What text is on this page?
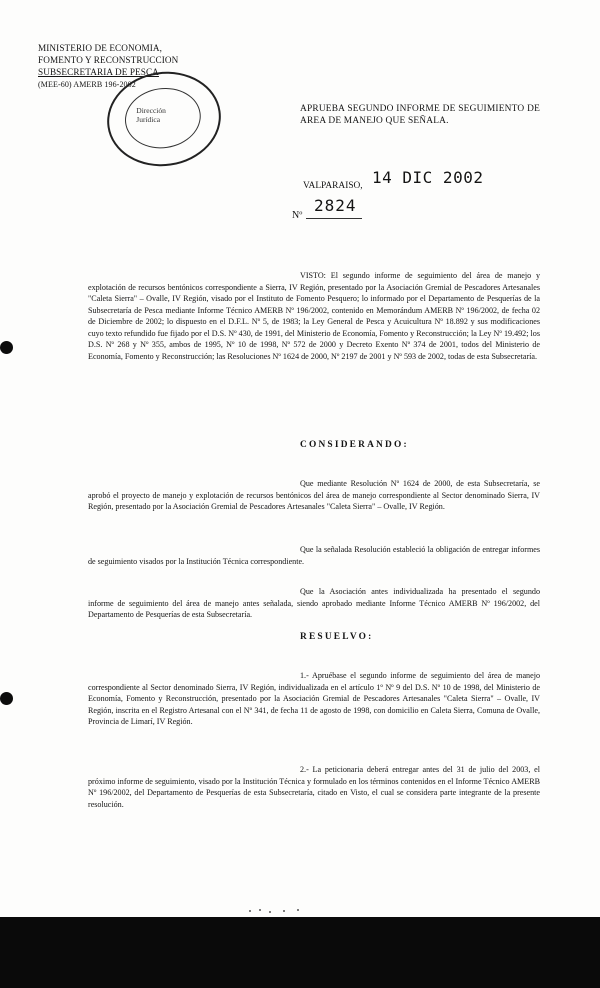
MINISTERIO DE ECONOMIA,
FOMENTO Y RECONSTRUCCION
SUBSECRETARIA DE PESCA
(MEE-60) AMERB 196-2002
Dirección
Jurídica
APRUEBA SEGUNDO INFORME DE SEGUIMIENTO DE AREA DE MANEJO QUE SEÑALA.
VALPARAISO, 14 DIC 2002
Nº
2824
VISTO: El segundo informe de seguimiento del área de manejo y explotación de recursos bentónicos correspondiente a Sierra, IV Región, presentado por la Asociación Gremial de Pescadores Artesanales "Caleta Sierra" – Ovalle, IV Región, visado por el Instituto de Fomento Pesquero; lo informado por el Departamento de Pesquerías de la Subsecretaría de Pesca mediante Informe Técnico AMERB Nº 196/2002, contenido en Memorándum AMERB Nº 196/2002, de fecha 02 de Diciembre de 2002; lo dispuesto en el D.F.L. Nº 5, de 1983; la Ley General de Pesca y Acuicultura Nº 18.892 y sus modificaciones cuyo texto refundido fue fijado por el D.S. Nº 430, de 1991, del Ministerio de Economía, Fomento y Reconstrucción; la Ley Nº 19.492; los D.S. Nº 268 y Nº 355, ambos de 1995, Nº 10 de 1998, Nº 572 de 2000 y Decreto Exento Nº 374 de 2001, todos del Ministerio de Economía, Fomento y Reconstrucción; las Resoluciones Nº 1624 de 2000, Nº 2197 de 2001 y Nº 593 de 2002, todas de esta Subsecretaría.
CONSIDERANDO:
Que mediante Resolución Nº 1624 de 2000, de esta Subsecretaría, se aprobó el proyecto de manejo y explotación de recursos bentónicos del área de manejo correspondiente al Sector denominado Sierra, IV Región, presentado por la Asociación Gremial de Pescadores Artesanales "Caleta Sierra" – Ovalle, IV Región.
Que la señalada Resolución estableció la obligación de entregar informes de seguimiento visados por la Institución Técnica correspondiente.
Que la Asociación antes individualizada ha presentado el segundo informe de seguimiento del área de manejo antes señalada, siendo aprobado mediante Informe Técnico AMERB Nº 196/2002, del Departamento de Pesquerías de esta Subsecretaría.
RESUELVO:
1.- Apruébase el segundo informe de seguimiento del área de manejo correspondiente al Sector denominado Sierra, IV Región, individualizada en el artículo 1º Nº 9 del D.S. Nº 10 de 1998, del Ministerio de Economía, Fomento y Reconstrucción, presentado por la Asociación Gremial de Pescadores Artesanales "Caleta Sierra" – Ovalle, IV Región, inscrita en el Registro Artesanal con el Nº 341, de fecha 11 de agosto de 1998, con domicilio en Caleta Sierra, Comuna de Ovalle, Provincia de Limarí, IV Región.
2.- La peticionaria deberá entregar antes del 31 de julio del 2003, el próximo informe de seguimiento, visado por la Institución Técnica y formulado en los términos contenidos en el Informe Técnico AMERB Nº 196/2002, del Departamento de Pesquerías de esta Subsecretaría, citado en Visto, el cual se considera parte integrante de la presente resolución.
